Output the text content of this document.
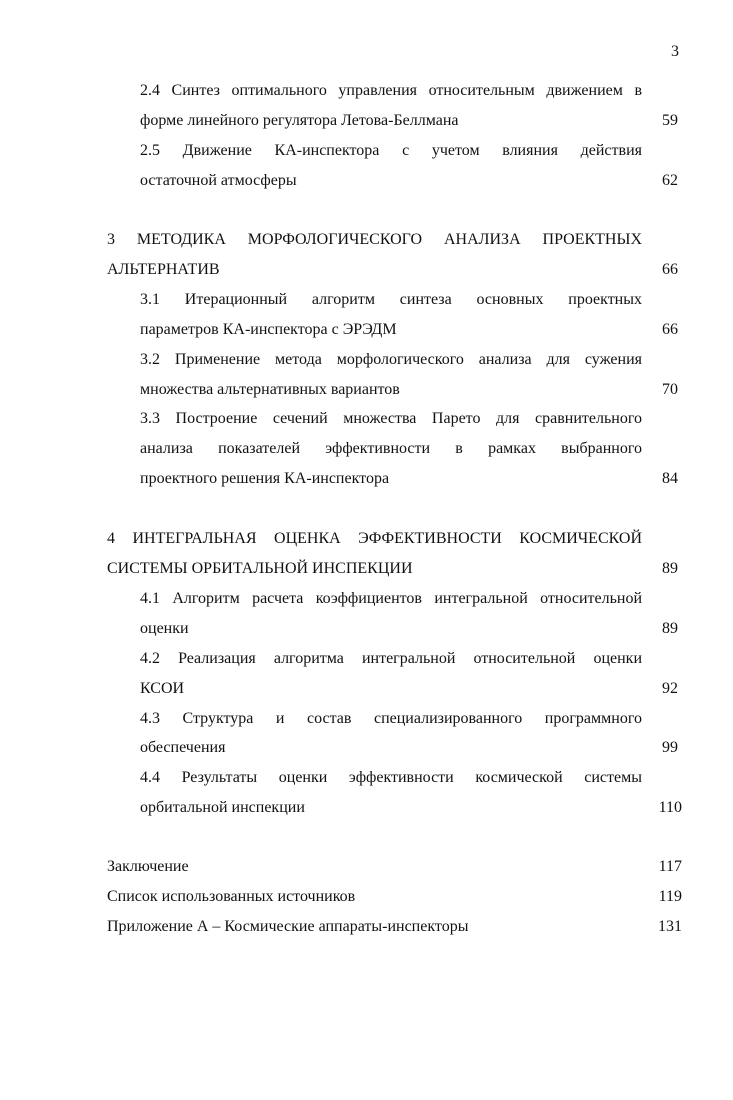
3
2.4 Синтез оптимального управления относительным движением в
форме линейного регулятора Летова-Беллмана	59
2.5 Движение КА-инспектора с учетом влияния действия
остаточной атмосферы	62
3 МЕТОДИКА МОРФОЛОГИЧЕСКОГО АНАЛИЗА ПРОЕКТНЫХ
АЛЬТЕРНАТИВ	66
3.1 Итерационный алгоритм синтеза основных проектных
параметров КА-инспектора с ЭРЭДМ	66
3.2 Применение метода морфологического анализа для сужения
множества альтернативных вариантов	70
3.3 Построение сечений множества Парето для сравнительного
анализа показателей эффективности в рамках выбранного
проектного решения КА-инспектора	84
4 ИНТЕГРАЛЬНАЯ ОЦЕНКА ЭФФЕКТИВНОСТИ КОСМИЧЕСКОЙ
СИСТЕМЫ ОРБИТАЛЬНОЙ ИНСПЕКЦИИ	89
4.1 Алгоритм расчета коэффициентов интегральной относительной
оценки	89
4.2 Реализация алгоритма интегральной относительной оценки
КСОИ	92
4.3 Структура и состав специализированного программного
обеспечения	99
4.4 Результаты оценки эффективности космической системы
орбитальной инспекции	110
Заключение	117
Список использованных источников	119
Приложение А – Космические аппараты-инспекторы	131
